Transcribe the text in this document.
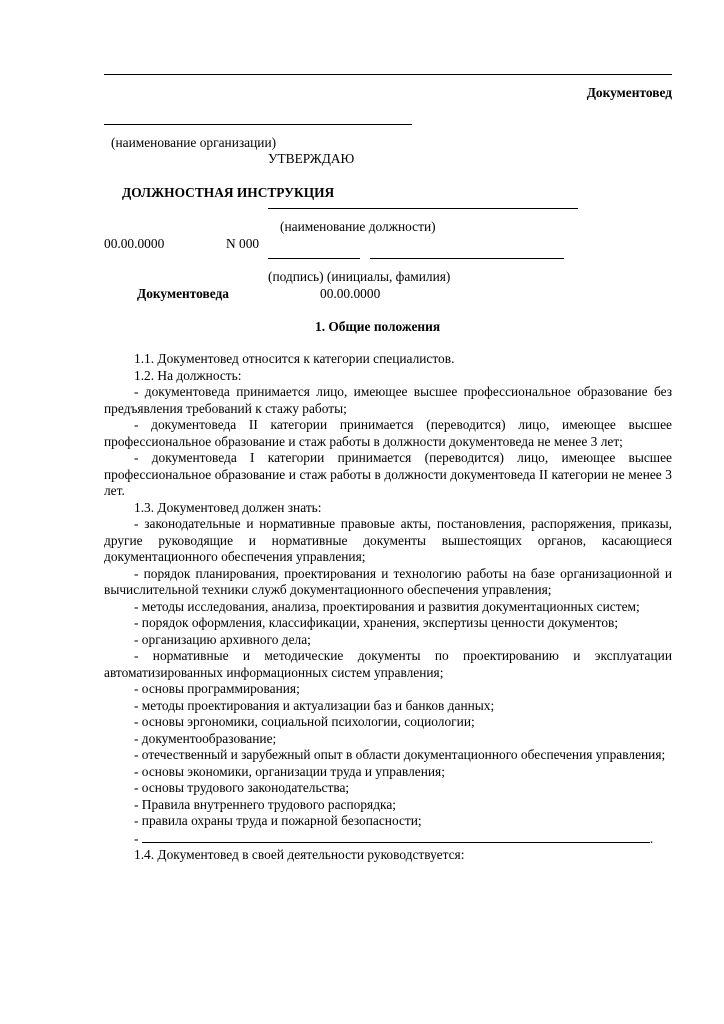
Документовед
(наименование организации)
УТВЕРЖДАЮ
ДОЛЖНОСТНАЯ ИНСТРУКЦИЯ
(наименование должности)
00.00.0000	N 000
(подпись) (инициалы, фамилия)
Документоведа	00.00.0000
1. Общие положения

1.1. Документовед относится к категории специалистов.

1.2. На должность:

- документоведа принимается лицо, имеющее высшее профессиональное образование без предъявления требований к стажу работы;

- документоведа II категории принимается (переводится) лицо, имеющее высшее профессиональное образование и стаж работы в должности документоведа не менее 3 лет;

- документоведа I категории принимается (переводится) лицо, имеющее высшее профессиональное образование и стаж работы в должности документоведа II категории не менее 3 лет.

1.3. Документовед должен знать:

- законодательные и нормативные правовые акты, постановления, распоряжения, приказы, другие руководящие и нормативные документы вышестоящих органов, касающиеся документационного обеспечения управления;

- порядок планирования, проектирования и технологию работы на базе организационной и вычислительной техники служб документационного обеспечения управления;

- методы исследования, анализа, проектирования и развития документационных систем;

- порядок оформления, классификации, хранения, экспертизы ценности документов;

- организацию архивного дела;

- нормативные и методические документы по проектированию и эксплуатации автоматизированных информационных систем управления;

- основы программирования;

- методы проектирования и актуализации баз и банков данных;

- основы эргономики, социальной психологии, социологии;

- документообразование;

- отечественный и зарубежный опыт в области документационного обеспечения управления;

- основы экономики, организации труда и управления;

- основы трудового законодательства;

- Правила внутреннего трудового распорядка;

- правила охраны труда и пожарной безопасности;

-	.

1.4. Документовед в своей деятельности руководствуется:
